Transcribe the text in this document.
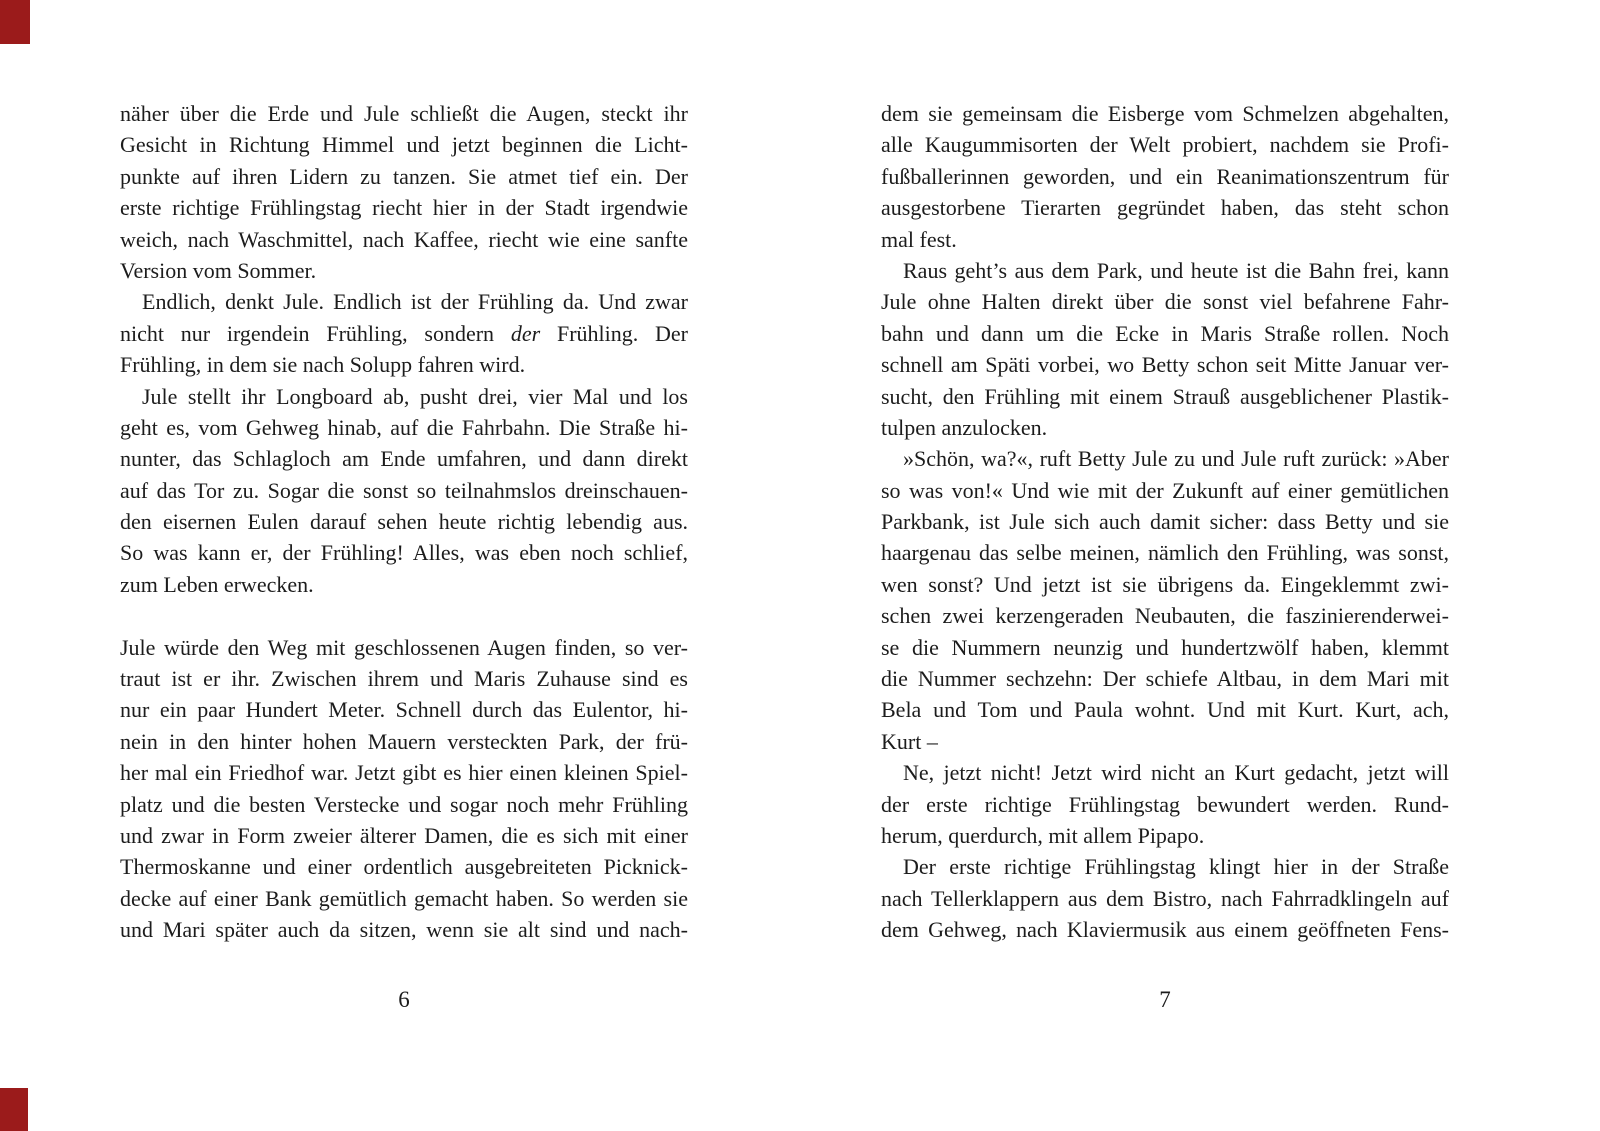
näher über die Erde und Jule schließt die Augen, steckt ihr
Gesicht in Richtung Himmel und jetzt beginnen die Licht-
punkte auf ihren Lidern zu tanzen. Sie atmet tief ein. Der
erste richtige Frühlingstag riecht hier in der Stadt irgendwie
weich, nach Waschmittel, nach Kaffee, riecht wie eine sanfte
Version vom Sommer.
Endlich, denkt Jule. Endlich ist der Frühling da. Und zwar
nicht nur irgendein Frühling, sondern der Frühling. Der
Frühling, in dem sie nach Solupp fahren wird.
Jule stellt ihr Longboard ab, pusht drei, vier Mal und los
geht es, vom Gehweg hinab, auf die Fahrbahn. Die Straße hi-
nunter, das Schlagloch am Ende umfahren, und dann direkt
auf das Tor zu. Sogar die sonst so teilnahmslos dreinschauen-
den eisernen Eulen darauf sehen heute richtig lebendig aus.
So was kann er, der Frühling! Alles, was eben noch schlief,
zum Leben erwecken.
Jule würde den Weg mit geschlossenen Augen finden, so ver-
traut ist er ihr. Zwischen ihrem und Maris Zuhause sind es
nur ein paar Hundert Meter. Schnell durch das Eulentor, hi-
nein in den hinter hohen Mauern versteckten Park, der frü-
her mal ein Friedhof war. Jetzt gibt es hier einen kleinen Spiel-
platz und die besten Verstecke und sogar noch mehr Frühling
und zwar in Form zweier älterer Damen, die es sich mit einer
Thermoskanne und einer ordentlich ausgebreiteten Picknick-
decke auf einer Bank gemütlich gemacht haben. So werden sie
und Mari später auch da sitzen, wenn sie alt sind und nach-
dem sie gemeinsam die Eisberge vom Schmelzen abgehalten,
alle Kaugummisorten der Welt probiert, nachdem sie Profi-
fußballerinnen geworden, und ein Reanimationszentrum für
ausgestorbene Tierarten gegründet haben, das steht schon
mal fest.
Raus geht’s aus dem Park, und heute ist die Bahn frei, kann
Jule ohne Halten direkt über die sonst viel befahrene Fahr-
bahn und dann um die Ecke in Maris Straße rollen. Noch
schnell am Späti vorbei, wo Betty schon seit Mitte Januar ver-
sucht, den Frühling mit einem Strauß ausgeblichener Plastik-
tulpen anzulocken.
»Schön, wa?«, ruft Betty Jule zu und Jule ruft zurück: »Aber
so was von!« Und wie mit der Zukunft auf einer gemütlichen
Parkbank, ist Jule sich auch damit sicher: dass Betty und sie
haargenau das selbe meinen, nämlich den Frühling, was sonst,
wen sonst? Und jetzt ist sie übrigens da. Eingeklemmt zwi-
schen zwei kerzengeraden Neubauten, die faszinierenderwei-
se die Nummern neunzig und hundertzwölf haben, klemmt
die Nummer sechzehn: Der schiefe Altbau, in dem Mari mit
Bela und Tom und Paula wohnt. Und mit Kurt. Kurt, ach,
Kurt –
Ne, jetzt nicht! Jetzt wird nicht an Kurt gedacht, jetzt will
der erste richtige Frühlingstag bewundert werden. Rund-
herum, querdurch, mit allem Pipapo.
Der erste richtige Frühlingstag klingt hier in der Straße
nach Tellerklappern aus dem Bistro, nach Fahrradklingeln auf
dem Gehweg, nach Klaviermusik aus einem geöffneten Fens-
6	7
